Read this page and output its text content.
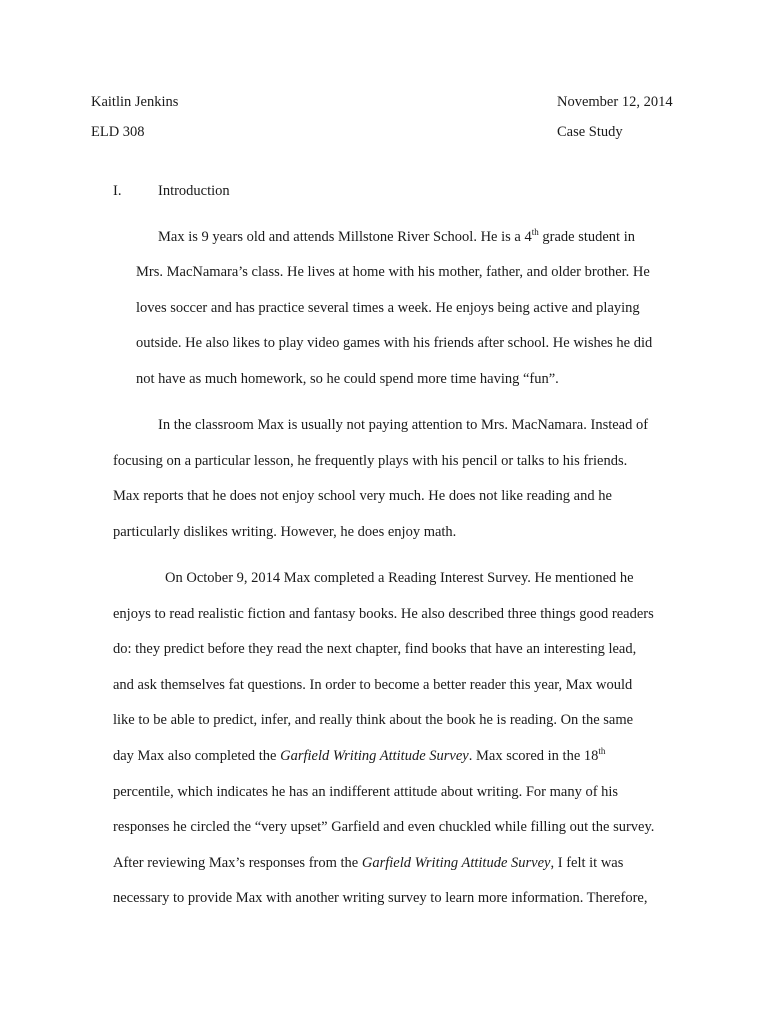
Kaitlin Jenkins	November 12, 2014
ELD 308	Case Study
I.	Introduction
Max is 9 years old and attends Millstone River School. He is a 4th grade student in
Mrs. MacNamara’s class. He lives at home with his mother, father, and older brother. He
loves soccer and has practice several times a week. He enjoys being active and playing
outside. He also likes to play video games with his friends after school. He wishes he did
not have as much homework, so he could spend more time having “fun”.
In the classroom Max is usually not paying attention to Mrs. MacNamara. Instead of
focusing on a particular lesson, he frequently plays with his pencil or talks to his friends.
Max reports that he does not enjoy school very much. He does not like reading and he
particularly dislikes writing. However, he does enjoy math.
On October 9, 2014 Max completed a Reading Interest Survey. He mentioned he
enjoys to read realistic fiction and fantasy books. He also described three things good readers
do: they predict before they read the next chapter, find books that have an interesting lead,
and ask themselves fat questions. In order to become a better reader this year, Max would
like to be able to predict, infer, and really think about the book he is reading. On the same
day Max also completed the Garfield Writing Attitude Survey. Max scored in the 18th
percentile, which indicates he has an indifferent attitude about writing. For many of his
responses he circled the “very upset” Garfield and even chuckled while filling out the survey.
After reviewing Max’s responses from the Garfield Writing Attitude Survey, I felt it was
necessary to provide Max with another writing survey to learn more information. Therefore,
